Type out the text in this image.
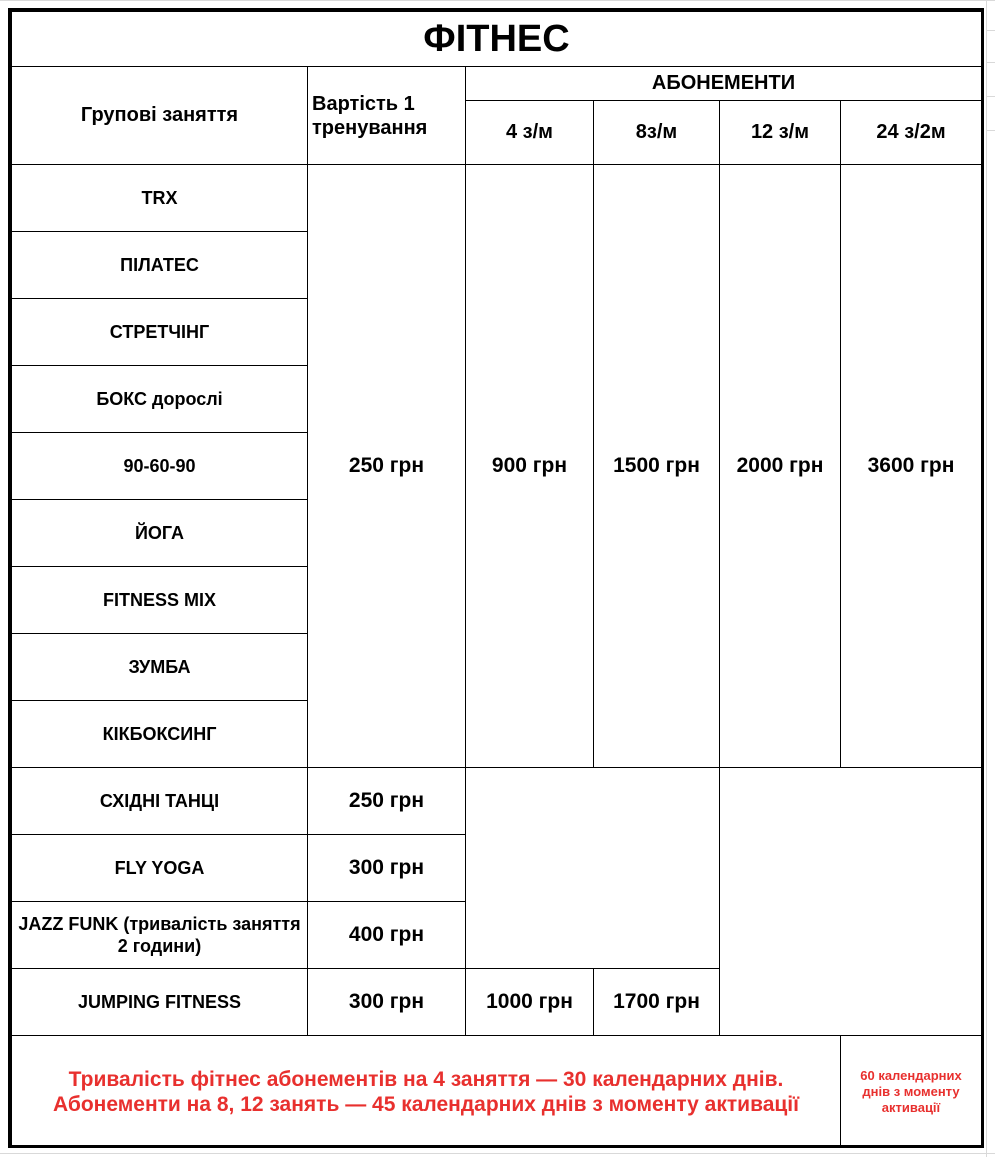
ФІТНЕС					
Групові заняття	Вартість 1 тренування	АБОНЕМЕНТИ			
		4 з/м	8з/м	12 з/м	24 з/2м
TRX	250 грн	900 грн	1500 грн	2000 грн	3600 грн
ПІЛАТЕС					
СТРЕТЧІНГ					
БОКС дорослі					
90-60-90					
ЙОГА					
FITNESS MIX					
ЗУМБА					
КІКБОКСИНГ					
СХІДНІ ТАНЦІ	250 грн				
FLY YOGA	300 грн				
JAZZ FUNK (тривалість заняття 2 години)	400 грн				
JUMPING FITNESS	300 грн	1000 грн	1700 грн		
Тривалість фітнес абонементів на 4 заняття — 30 календарних днів. Абонементи на 8, 12 занять — 45 календарних днів з моменту активації					60 календарних днів з моменту активації
